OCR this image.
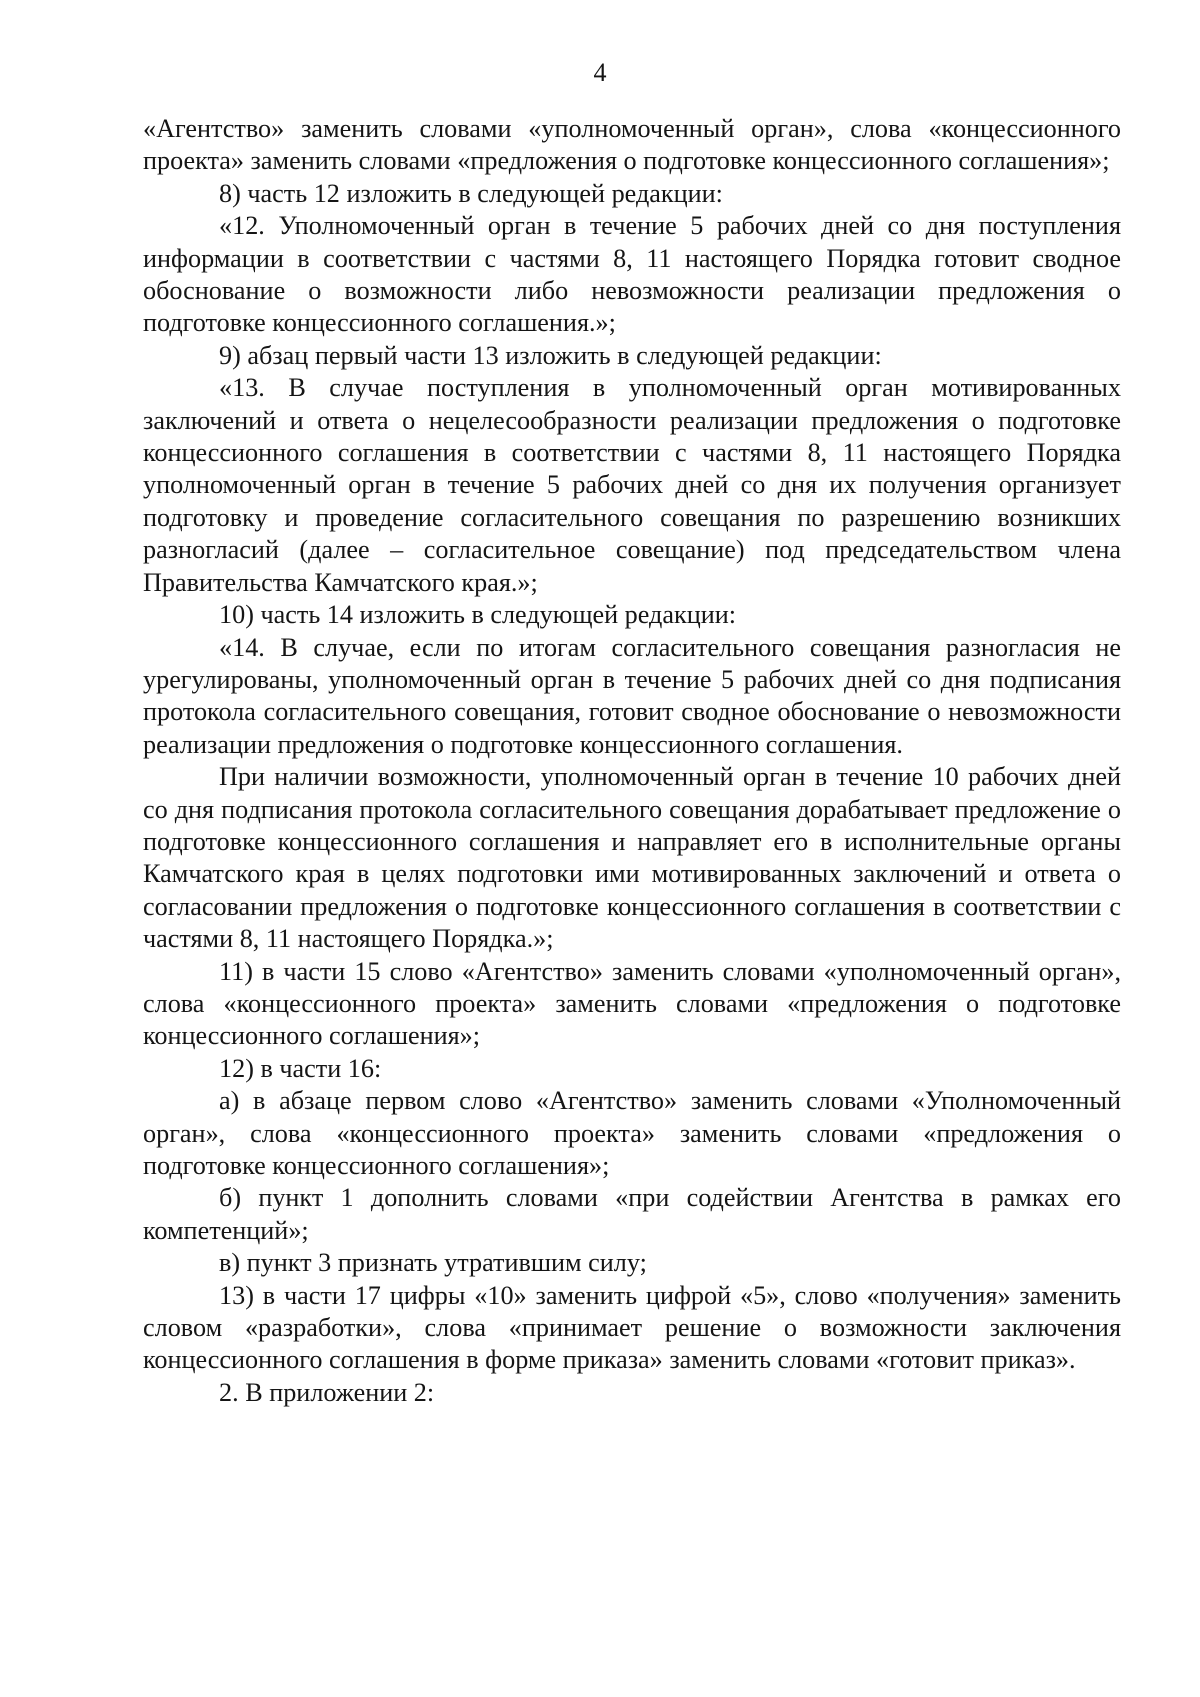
4

«Агентство» заменить словами «уполномоченный орган», слова «концессионного проекта» заменить словами «предложения о подготовке концессионного соглашения»;

8) часть 12 изложить в следующей редакции:

«12. Уполномоченный орган в течение 5 рабочих дней со дня поступления информации в соответствии с частями 8, 11 настоящего Порядка готовит сводное обоснование о возможности либо невозможности реализации предложения о подготовке концессионного соглашения.»;

9) абзац первый части 13 изложить в следующей редакции:

«13. В случае поступления в уполномоченный орган мотивированных заключений и ответа о нецелесообразности реализации предложения о подготовке концессионного соглашения в соответствии с частями 8, 11 настоящего Порядка уполномоченный орган в течение 5 рабочих дней со дня их получения организует подготовку и проведение согласительного совещания по разрешению возникших разногласий (далее – согласительное совещание) под председательством члена Правительства Камчатского края.»;

10) часть 14 изложить в следующей редакции:

«14. В случае, если по итогам согласительного совещания разногласия не урегулированы, уполномоченный орган в течение 5 рабочих дней со дня подписания протокола согласительного совещания, готовит сводное обоснование о невозможности реализации предложения о подготовке концессионного соглашения.

При наличии возможности, уполномоченный орган в течение 10 рабочих дней со дня подписания протокола согласительного совещания дорабатывает предложение о подготовке концессионного соглашения и направляет его в исполнительные органы Камчатского края в целях подготовки ими мотивированных заключений и ответа о согласовании предложения о подготовке концессионного соглашения в соответствии с частями 8, 11 настоящего Порядка.»;

11) в части 15 слово «Агентство» заменить словами «уполномоченный орган», слова «концессионного проекта» заменить словами «предложения о подготовке концессионного соглашения»;

12) в части 16:

а) в абзаце первом слово «Агентство» заменить словами «Уполномоченный орган», слова «концессионного проекта» заменить словами «предложения о подготовке концессионного соглашения»;

б) пункт 1 дополнить словами «при содействии Агентства в рамках его компетенций»;

в) пункт 3 признать утратившим силу;

13) в части 17 цифры «10» заменить цифрой «5», слово «получения» заменить словом «разработки», слова «принимает решение о возможности заключения концессионного соглашения в форме приказа» заменить словами «готовит приказ».

2. В приложении 2:
